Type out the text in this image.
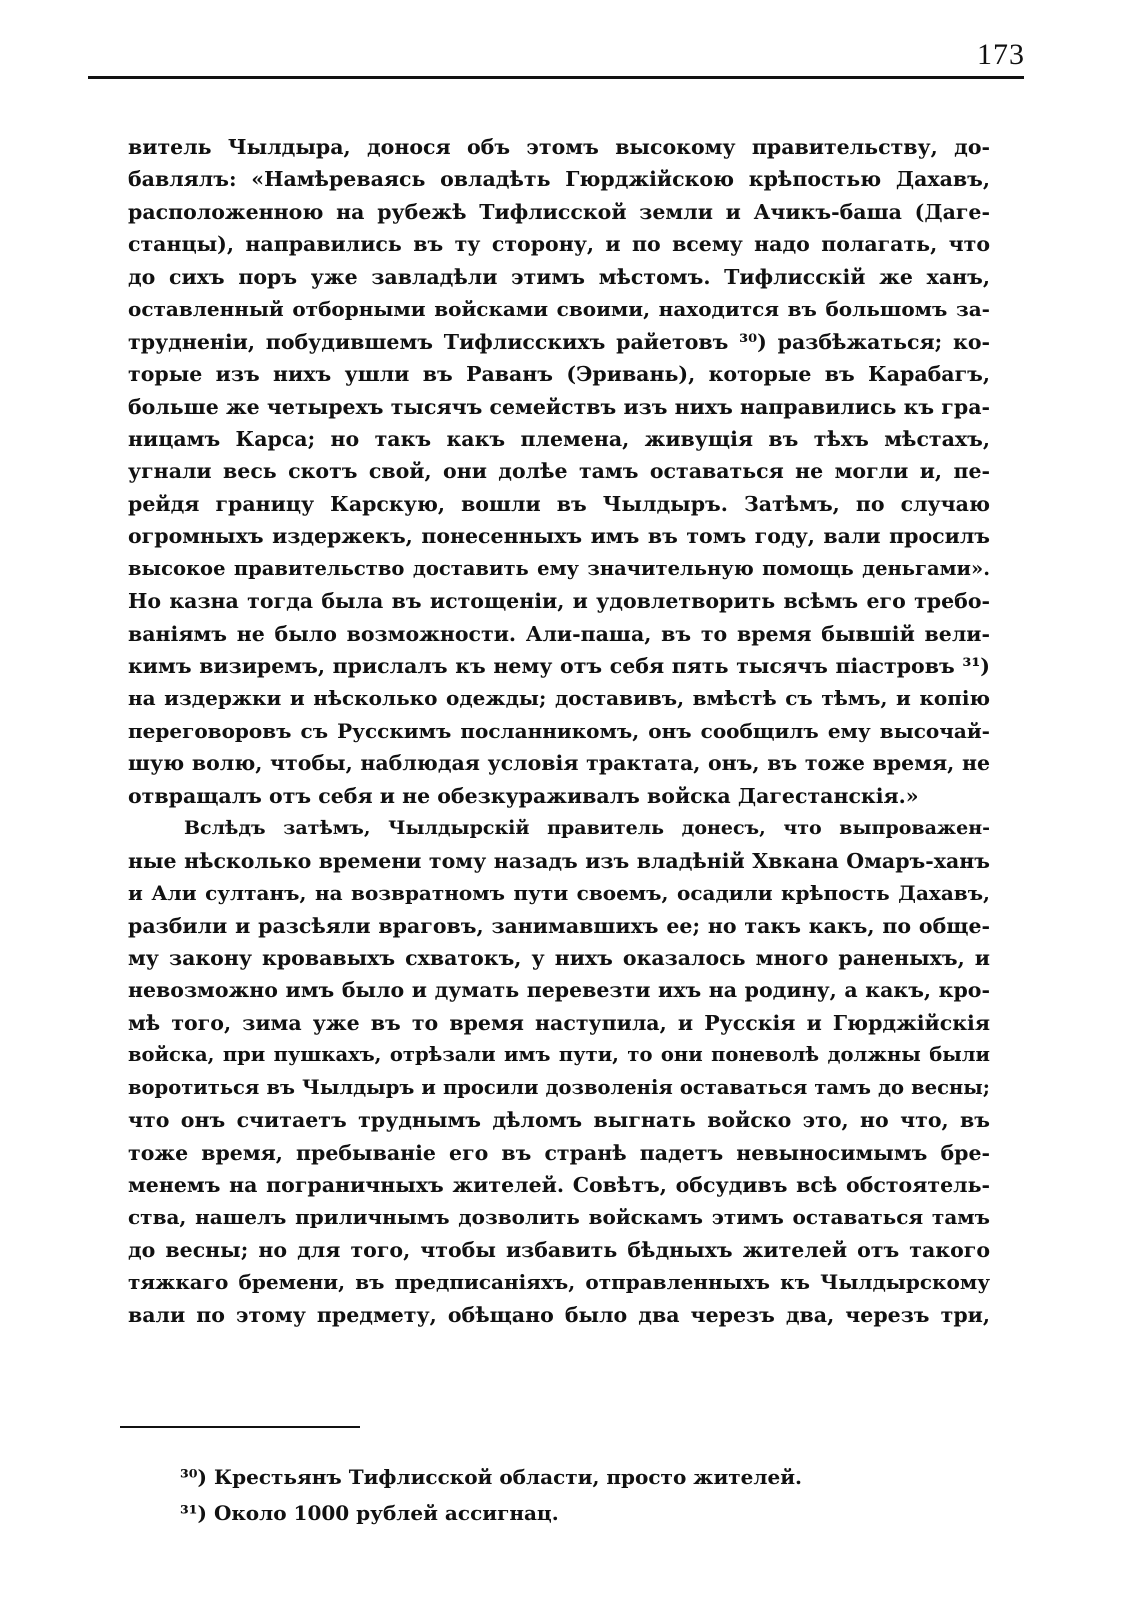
173
витель Чылдыра, донося объ этомъ высокому правительству, до-
бавлялъ: «Намѣреваясь овладѣть Гюрджійскою крѣпостью Дахавъ,
расположенною на рубежѣ Тифлисской земли и Ачикъ-баша (Даге-
станцы), направились въ ту сторону, и по всему надо полагать, что
до сихъ поръ уже завладѣли этимъ мѣстомъ. Тифлисскій же ханъ,
оставленный отборными войсками своими, находится въ большомъ за-
трудненіи, побудившемъ Тифлисскихъ райетовъ ³⁰) разбѣжаться; ко-
торые изъ нихъ ушли въ Раванъ (Эривань), которые въ Карабагъ,
больше же четырехъ тысячъ семействъ изъ нихъ направились къ гра-
ницамъ Карса; но такъ какъ племена, живущія въ тѣхъ мѣстахъ,
угнали весь скотъ свой, они долѣе тамъ оставаться не могли и, пе-
рейдя границу Карскую, вошли въ Чылдыръ. Затѣмъ, по случаю
огромныхъ издержекъ, понесенныхъ имъ въ томъ году, вали просилъ
высокое правительство доставить ему значительную помощь деньгами».
Но казна тогда была въ истощеніи, и удовлетворить всѣмъ его требо-
ваніямъ не было возможности. Али-паша, въ то время бывшій вели-
кимъ визиремъ, прислалъ къ нему отъ себя пять тысячъ піастровъ ³¹)
на издержки и нѣсколько одежды; доставивъ, вмѣстѣ съ тѣмъ, и копію
переговоровъ съ Русскимъ посланникомъ, онъ сообщилъ ему высочай-
шую волю, чтобы, наблюдая условія трактата, онъ, въ тоже время, не
отвращалъ отъ себя и не обезкураживалъ войска Дагестанскія.»
Вслѣдъ затѣмъ, Чылдырскій правитель донесъ, что выпроважен-
ные нѣсколько времени тому назадъ изъ владѣній Хвкана Омаръ-ханъ
и Али султанъ, на возвратномъ пути своемъ, осадили крѣпость Дахавъ,
разбили и разсѣяли враговъ, занимавшихъ ее; но такъ какъ, по обще-
му закону кровавыхъ схватокъ, у нихъ оказалось много раненыхъ, и
невозможно имъ было и думать перевезти ихъ на родину, а какъ, кро-
мѣ того, зима уже въ то время наступила, и Русскія и Гюрджійскія
войска, при пушкахъ, отрѣзали имъ пути, то они поневолѣ должны были
воротиться въ Чылдыръ и просили дозволенія оставаться тамъ до весны;
что онъ считаетъ труднымъ дѣломъ выгнать войско это, но что, въ
тоже время, пребываніе его въ странѣ падетъ невыносимымъ бре-
менемъ на пограничныхъ жителей. Совѣтъ, обсудивъ всѣ обстоятель-
ства, нашелъ приличнымъ дозволить войскамъ этимъ оставаться тамъ
до весны; но для того, чтобы избавить бѣдныхъ жителей отъ такого
тяжкаго бремени, въ предписаніяхъ, отправленныхъ къ Чылдырскому
вали по этому предмету, обѣщано было два черезъ два, черезъ три,
³⁰) Крестьянъ Тифлисской области, просто жителей.
³¹) Около 1000 рублей ассигнац.
